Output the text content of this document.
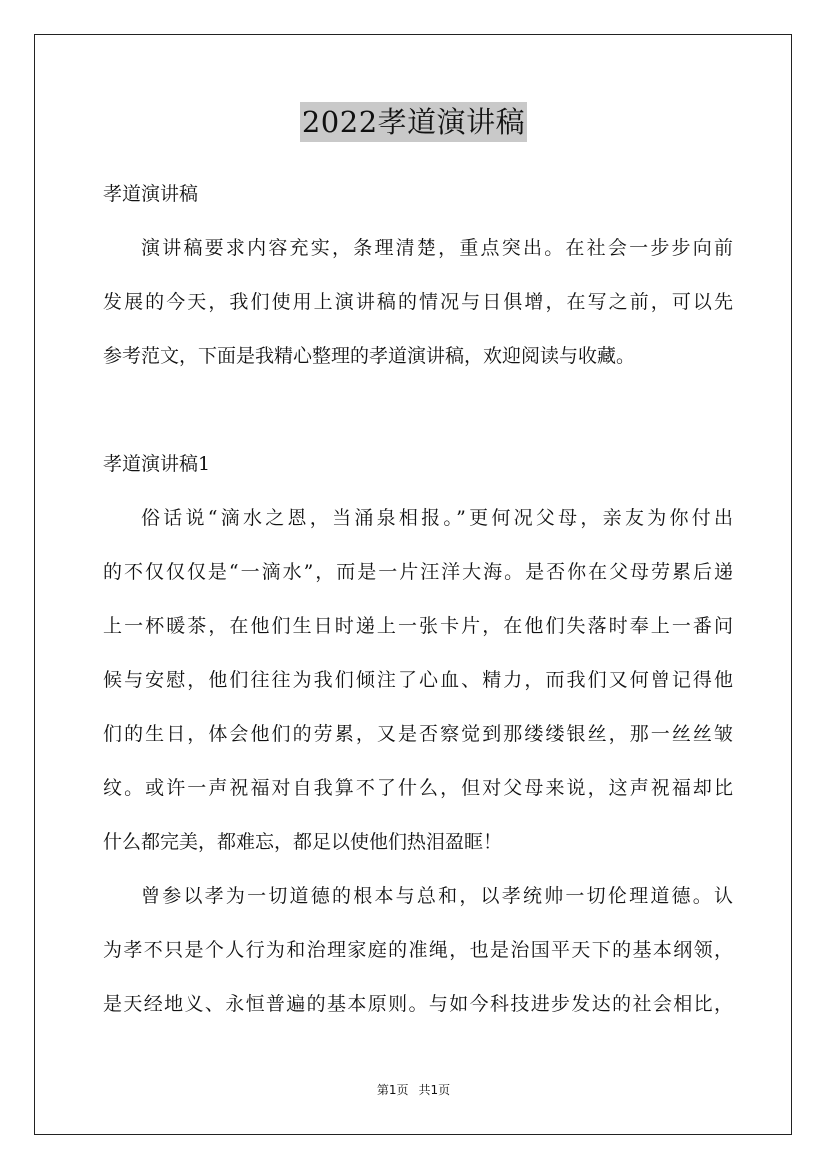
2022孝道演讲稿
孝道演讲稿

演讲稿要求内容充实，条理清楚，重点突出。在社会一步步向前
发展的今天，我们使用上演讲稿的情况与日俱增，在写之前，可以先
参考范文，下面是我精心整理的孝道演讲稿，欢迎阅读与收藏。

孝道演讲稿1

俗话说“滴水之恩，当涌泉相报。”更何况父母，亲友为你付出
的不仅仅仅是“一滴水”，而是一片汪洋大海。是否你在父母劳累后递
上一杯暖茶，在他们生日时递上一张卡片，在他们失落时奉上一番问
候与安慰，他们往往为我们倾注了心血、精力，而我们又何曾记得他
们的生日，体会他们的劳累，又是否察觉到那缕缕银丝，那一丝丝皱
纹。或许一声祝福对自我算不了什么，但对父母来说，这声祝福却比
什么都完美，都难忘，都足以使他们热泪盈眶！

曾参以孝为一切道德的根本与总和，以孝统帅一切伦理道德。认
为孝不只是个人行为和治理家庭的准绳，也是治国平天下的基本纲领，
是天经地义、永恒普遍的基本原则。与如今科技进步发达的社会相比，

第1页 共1页
